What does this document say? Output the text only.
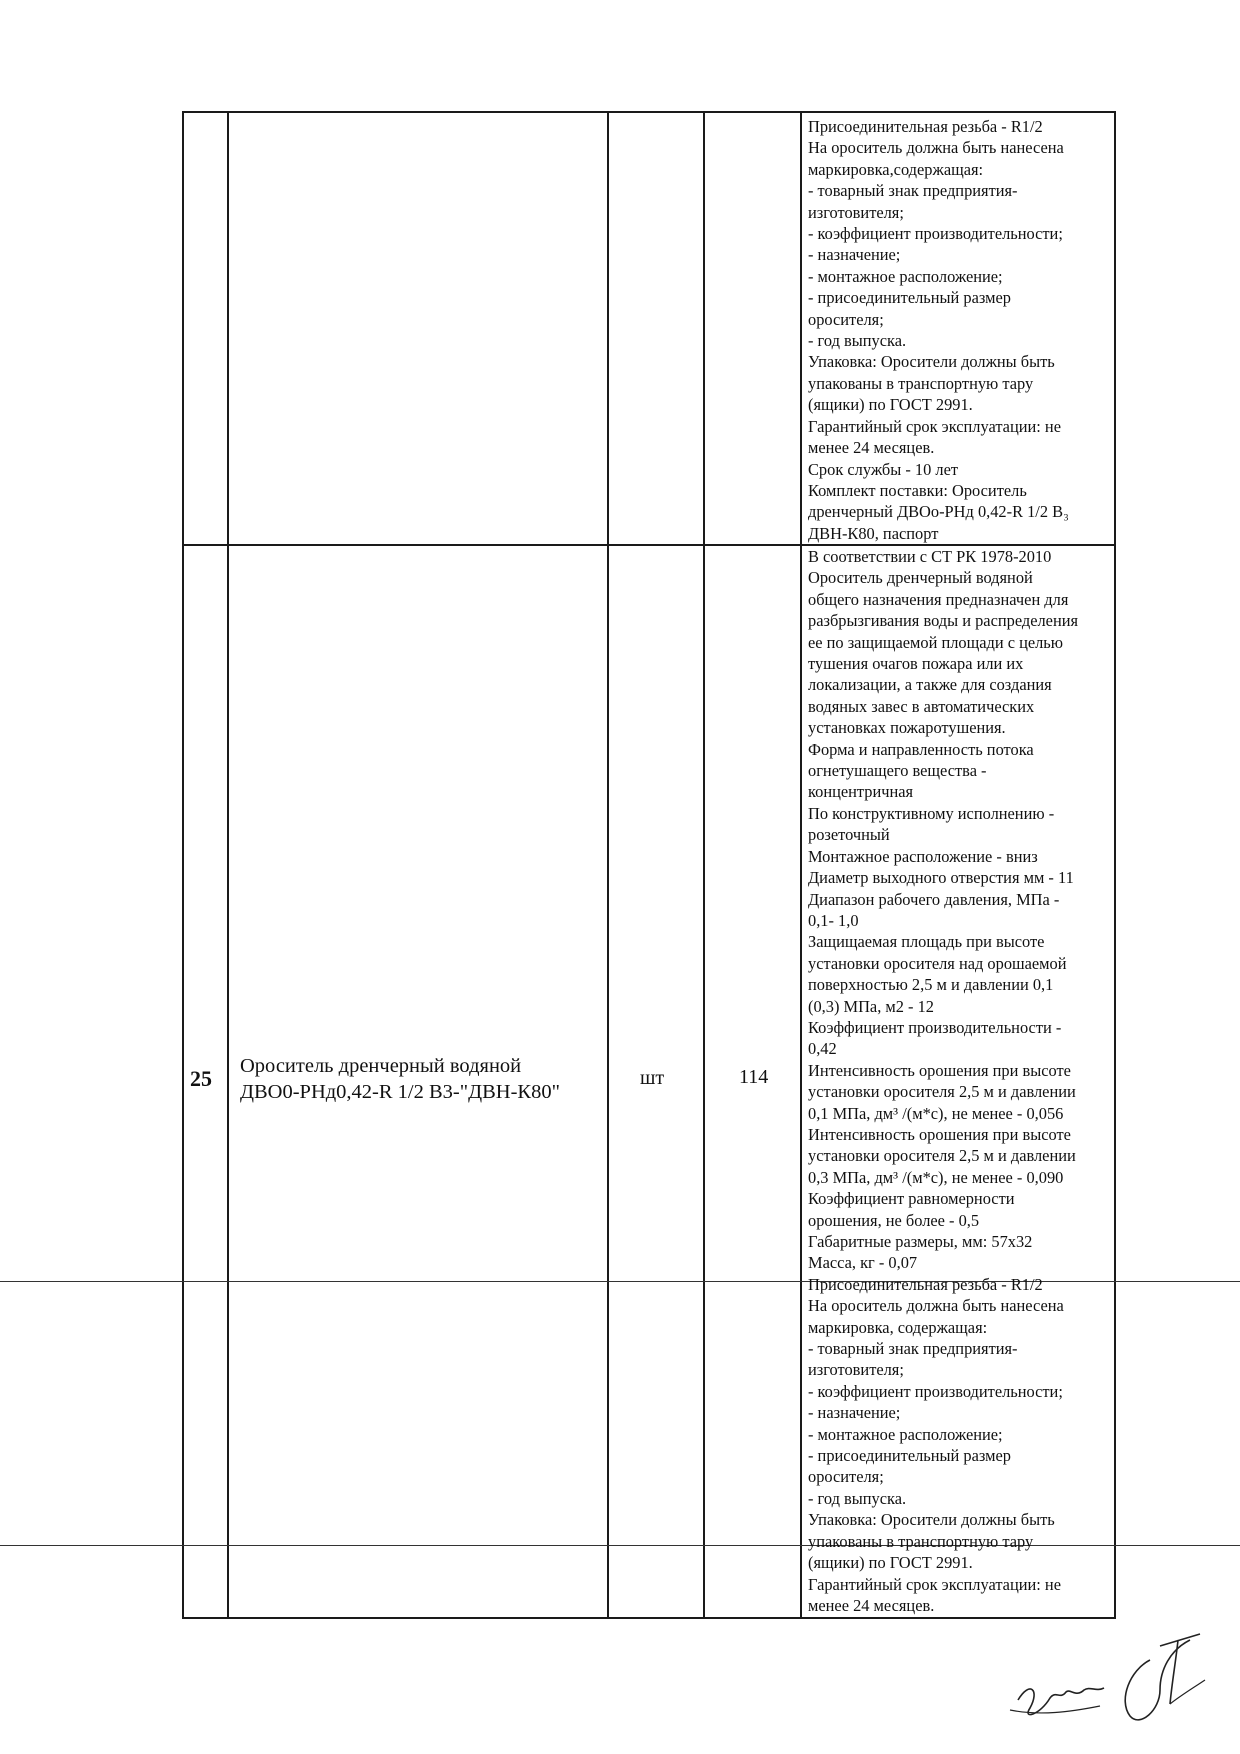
Присоединительная резьба - R1/2
На ороситель должна быть нанесена
маркировка,содержащая:
- товарный знак предприятия-
изготовителя;
- коэффициент производительности;
- назначение;
- монтажное расположение;
- присоединительный размер
оросителя;
- год выпуска.
Упаковка: Оросители должны быть
упакованы в транспортную тару
(ящики) по ГОСТ 2991.
Гарантийный срок эксплуатации: не
менее 24 месяцев.
Срок службы - 10 лет
Комплект поставки: Ороситель
дренчерный ДВОо-РНд 0,42-R 1/2 В₃
ДВН-К80, паспорт
25 Ороситель дренчерный водяной
ДВО0-РНд0,42-R 1/2 В3-"ДВН-К80"
шт	114
В соответствии с СТ РК 1978-2010
Ороситель дренчерный водяной
общего назначения предназначен для
разбрызгивания воды и распределения
ее по защищаемой площади с целью
тушения очагов пожара или их
локализации, а также для создания
водяных завес в автоматических
установках пожаротушения.
Форма и направленность потока
огнетушащего вещества -
концентричная
По конструктивному исполнению -
розеточный
Монтажное расположение - вниз
Диаметр выходного отверстия мм - 11
Диапазон рабочего давления, МПа -
0,1- 1,0
Защищаемая площадь при высоте
установки оросителя над орошаемой
поверхностью 2,5 м и давлении 0,1
(0,3) МПа, м2 - 12
Коэффициент производительности -
0,42
Интенсивность орошения при высоте
установки оросителя 2,5 м и давлении
0,1 МПа, дм³ /(м*с), не менее - 0,056
Интенсивность орошения при высоте
установки оросителя 2,5 м и давлении
0,3 МПа, дм³ /(м*с), не менее - 0,090
Коэффициент равномерности
орошения, не более - 0,5
Габаритные размеры, мм: 57х32
Масса, кг - 0,07
Присоединительная резьба - R1/2
На ороситель должна быть нанесена
маркировка, содержащая:
- товарный знак предприятия-
изготовителя;
- коэффициент производительности;
- назначение;
- монтажное расположение;
- присоединительный размер
оросителя;
- год выпуска.
Упаковка: Оросители должны быть
упакованы в транспортную тару
(ящики) по ГОСТ 2991.
Гарантийный срок эксплуатации: не
менее 24 месяцев.
